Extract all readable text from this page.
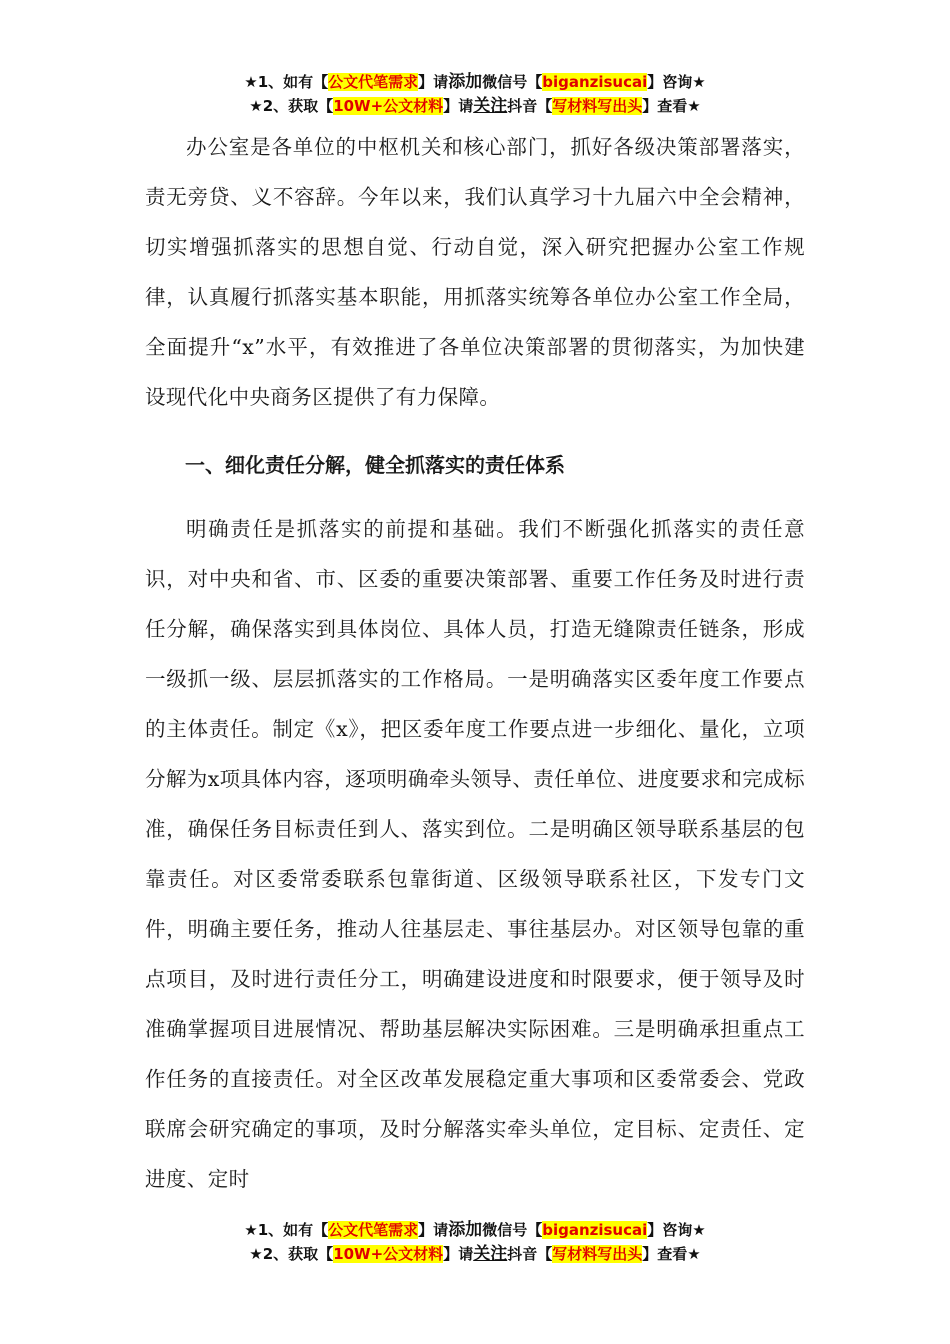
★1、如有【公文代笔需求】请添加微信号【biganzisucai】咨询★
★2、获取【10W+公文材料】请关注抖音【写材料写出头】查看★

办公室是各单位的中枢机关和核心部门，抓好各级决策部署落实，责无旁贷、义不容辞。今年以来，我们认真学习十九届六中全会精神，切实增强抓落实的思想自觉、行动自觉，深入研究把握办公室工作规律，认真履行抓落实基本职能，用抓落实统筹各单位办公室工作全局，全面提升“x”水平，有效推进了各单位决策部署的贯彻落实，为加快建设现代化中央商务区提供了有力保障。

一、细化责任分解，健全抓落实的责任体系

明确责任是抓落实的前提和基础。我们不断强化抓落实的责任意识，对中央和省、市、区委的重要决策部署、重要工作任务及时进行责任分解，确保落实到具体岗位、具体人员，打造无缝隙责任链条，形成一级抓一级、层层抓落实的工作格局。一是明确落实区委年度工作要点的主体责任。制定《x》，把区委年度工作要点进一步细化、量化，立项分解为x项具体内容，逐项明确牵头领导、责任单位、进度要求和完成标准，确保任务目标责任到人、落实到位。二是明确区领导联系基层的包靠责任。对区委常委联系包靠街道、区级领导联系社区，下发专门文件，明确主要任务，推动人往基层走、事往基层办。对区领导包靠的重点项目，及时进行责任分工，明确建设进度和时限要求，便于领导及时准确掌握项目进展情况、帮助基层解决实际困难。三是明确承担重点工作任务的直接责任。对全区改革发展稳定重大事项和区委常委会、党政联席会研究确定的事项，及时分解落实牵头单位，定目标、定责任、定进度、定时

★1、如有【公文代笔需求】请添加微信号【biganzisucai】咨询★
★2、获取【10W+公文材料】请关注抖音【写材料写出头】查看★
